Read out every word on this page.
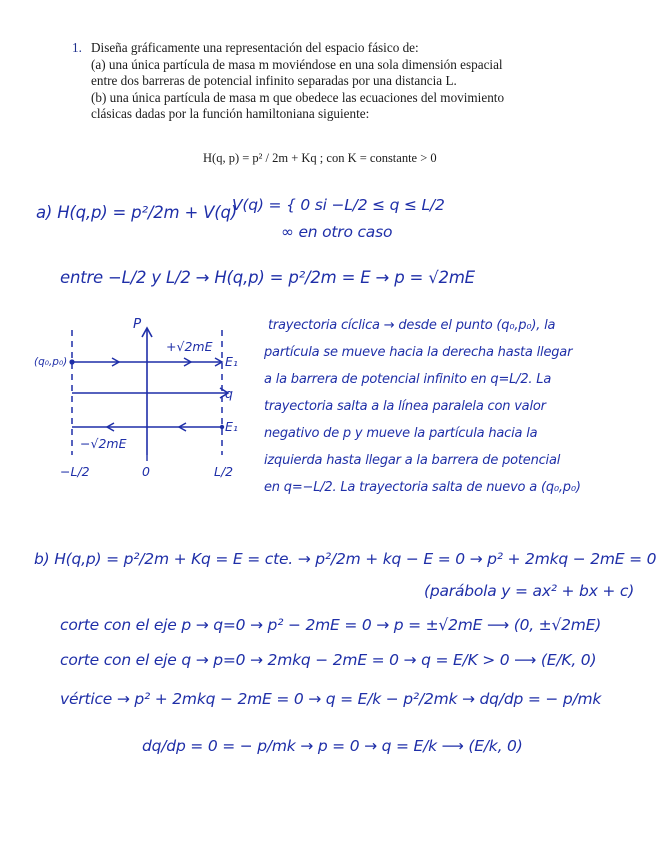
1. Diseña gráficamente una representación del espacio fásico de:
(a) una única partícula de masa m moviéndose en una sola dimensión espacial
entre dos barreras de potencial infinito separadas por una distancia L.
(b) una única partícula de masa m que obedece las ecuaciones del movimiento
clásicas dadas por la función hamiltoniana siguiente:
H(q, p) = p² / 2m + Kq ; con K = constante > 0
a) H(q,p) = p²/2m + V(q)
V(q) = { 0 si −L/2 ≤ q ≤ L/2
∞ en otro caso
entre −L/2 y L/2 → H(q,p) = p²/2m = E → p = √2mE
P
+√2mE
(q₀,p₀)	E₁
q
E₁
−√2mE
−L/2	0	L/2
trayectoria cíclica → desde el punto (q₀,p₀), la
partícula se mueve hacia la derecha hasta llegar
a la barrera de potencial infinito en q=L/2. La
trayectoria salta a la línea paralela con valor
negativo de p y mueve la partícula hacia la
izquierda hasta llegar a la barrera de potencial
en q=−L/2. La trayectoria salta de nuevo a (q₀,p₀)
b) H(q,p) = p²/2m + Kq = E = cte. → p²/2m + kq − E = 0 → p² + 2mkq − 2mE = 0
(parábola y = ax² + bx + c)
corte con el eje p → q=0 → p² − 2mE = 0 → p = ±√2mE ⟶ (0, ±√2mE)
corte con el eje q → p=0 → 2mkq − 2mE = 0 → q = E/K > 0 ⟶ (E/K, 0)
vértice → p² + 2mkq − 2mE = 0 → q = E/k − p²/2mk → dq/dp = − p/mk
dq/dp = 0 = − p/mk → p = 0 → q = E/k ⟶ (E/k, 0)
